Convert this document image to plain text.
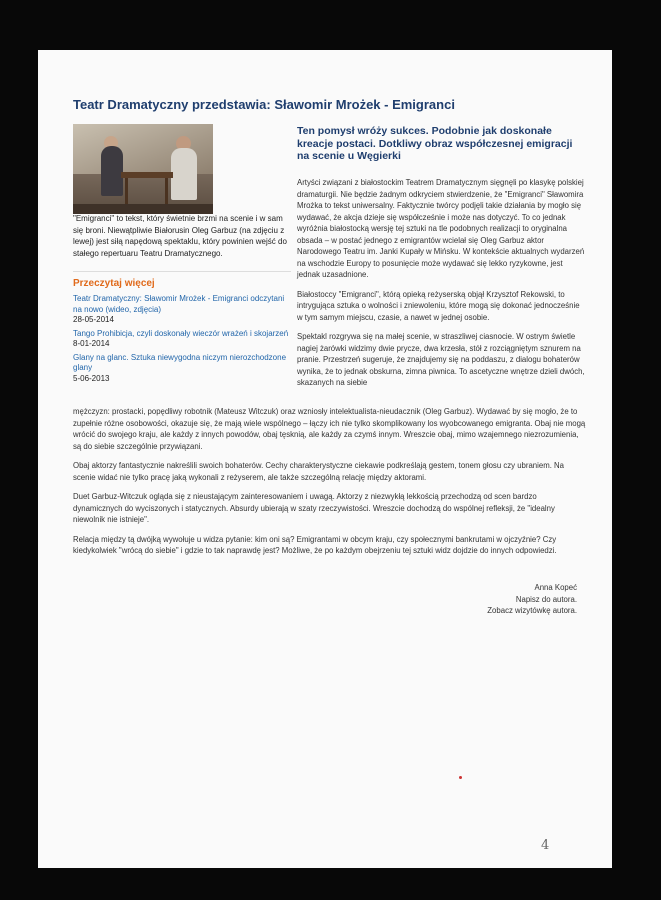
Teatr Dramatyczny przedstawia: Sławomir Mrożek - Emigranci

"Emigranci" to tekst, który świetnie brzmi na scenie i w sam się broni. Niewątpliwie Białorusin Oleg Garbuz (na zdjęciu z lewej) jest siłą napędową spektaklu, który powinien wejść do stałego repertuaru Teatru Dramatycznego.

Przeczytaj więcej

Teatr Dramatyczny: Sławomir Mrożek - Emigranci odczytani na nowo (wideo, zdjęcia)
28-05-2014
Tango Prohibicja, czyli doskonały wieczór wrażeń i skojarzeń
8-01-2014
Glany na glanc. Sztuka niewygodna niczym nierozchodzone glany
5-06-2013

Ten pomysł wróży sukces. Podobnie jak doskonałe kreacje postaci. Dotkliwy obraz współczesnej emigracji na scenie u Węgierki

Artyści związani z białostockim Teatrem Dramatycznym sięgnęli po klasykę polskiej dramaturgii. Nie będzie żadnym odkryciem stwierdzenie, że "Emigranci" Sławomira Mrożka to tekst uniwersalny. Faktycznie twórcy podjęli takie działania by mogło się wydawać, że akcja dzieje się współcześnie i może nas dotyczyć. To co jednak wyróżnia białostocką wersję tej sztuki na tle podobnych realizacji to oryginalna obsada – w postać jednego z emigrantów wcielał się Oleg Garbuz aktor Narodowego Teatru im. Janki Kupały w Mińsku. W kontekście aktualnych wydarzeń na wschodzie Europy to posunięcie może wydawać się lekko ryzykowne, jest jednak uzasadnione.

Białostoccy "Emigranci", którą opieką reżyserską objął Krzysztof Rekowski, to intrygująca sztuka o wolności i zniewoleniu, które mogą się dokonać jednocześnie w tym samym miejscu, czasie, a nawet w jednej osobie.

Spektakl rozgrywa się na małej scenie, w straszliwej ciasnocie. W ostrym świetle nagiej żarówki widzimy dwie prycze, dwa krzesła, stół z rozciągniętym sznurem na pranie. Przestrzeń sugeruje, że znajdujemy się na poddaszu, z dialogu bohaterów wynika, że to jednak obskurna, zimna piwnica. To ascetyczne wnętrze dzieli dwóch, skazanych na siebie

mężczyzn: prostacki, popędliwy robotnik (Mateusz Witczuk) oraz wzniosły intelektualista-nieudacznik (Oleg Garbuz). Wydawać by się mogło, że to zupełnie różne osobowości, okazuje się, że mają wiele wspólnego – łączy ich nie tylko skomplikowany los wyobcowanego emigranta. Obaj nie mogą wrócić do swojego kraju, ale każdy z innych powodów, obaj tęsknią, ale każdy za czymś innym. Wreszcie obaj, mimo wzajemnego niezrozumienia, są do siebie szczególnie przywiązani.

Obaj aktorzy fantastycznie nakreślili swoich bohaterów. Cechy charakterystyczne ciekawie podkreślają gestem, tonem głosu czy ubraniem. Na scenie widać nie tylko pracę jaką wykonali z reżyserem, ale także szczególną relację między aktorami.

Duet Garbuz-Witczuk ogląda się z nieustającym zainteresowaniem i uwagą. Aktorzy z niezwykłą lekkością przechodzą od scen bardzo dynamicznych do wyciszonych i statycznych. Absurdy ubierają w szaty rzeczywistości. Wreszcie dochodzą do wspólnej refleksji, że "idealny niewolnik nie istnieje".

Relacja między tą dwójką wywołuje u widza pytanie: kim oni są? Emigrantami w obcym kraju, czy społecznymi bankrutami w ojczyźnie? Czy kiedykolwiek "wrócą do siebie" i gdzie to tak naprawdę jest? Możliwe, że po każdym obejrzeniu tej sztuki widz dojdzie do innych odpowiedzi.

Anna Kopeć
Napisz do autora.
Zobacz wizytówkę autora.
4
